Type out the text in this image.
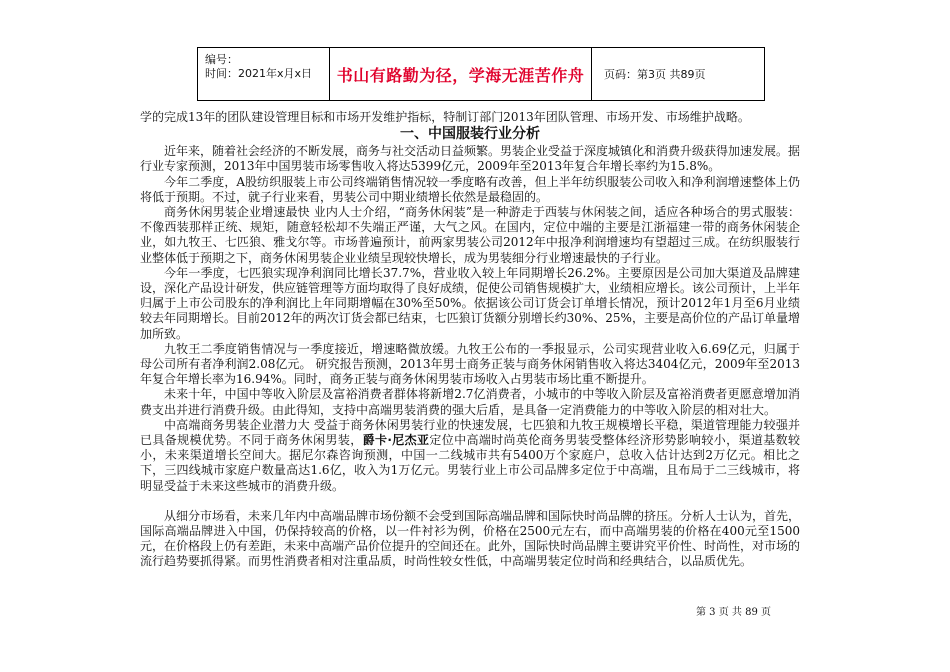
编号：
时间：2021年x月x日	书山有路勤为径，学海无涯苦作舟	页码：第3页 共89页

学的完成13年的团队建设管理目标和市场开发维护指标，特制订部门2013年团队管理、市场开发、市场维护战略。

一、中国服装行业分析

近年来，随着社会经济的不断发展，商务与社交活动日益频繁。男装企业受益于深度城镇化和消费升级获得加速发展。据行业专家预测，2013年中国男装市场零售收入将达5399亿元，2009年至2013年复合年增长率约为15.8%。

今年二季度，A股纺织服装上市公司终端销售情况较一季度略有改善，但上半年纺织服装公司收入和净利润增速整体上仍将低于预期。不过，就子行业来看，男装公司中期业绩增长依然是最稳固的。

商务休闲男装企业增速最快 业内人士介绍，“商务休闲装”是一种游走于西装与休闲装之间，适应各种场合的男式服装：不像西装那样正统、规矩，随意轻松却不失端正严谨，大气之风。在国内，定位中端的主要是江浙福建一带的商务休闲装企业，如九牧王、七匹狼、雅戈尔等。市场普遍预计，前两家男装公司2012年中报净利润增速均有望超过三成。在纺织服装行业整体低于预期之下，商务休闲男装企业业绩呈现较快增长，成为男装细分行业增速最快的子行业。

今年一季度，七匹狼实现净利润同比增长37.7%，营业收入较上年同期增长26.2%。主要原因是公司加大渠道及品牌建设，深化产品设计研发，供应链管理等方面均取得了良好成绩，促使公司销售规模扩大，业绩相应增长。该公司预计，上半年归属于上市公司股东的净利润比上年同期增幅在30%至50%。依据该公司订货会订单增长情况，预计2012年1月至6月业绩较去年同期增长。目前2012年的两次订货会都已结束，七匹狼订货额分别增长约30%、25%，主要是高价位的产品订单量增加所致。

九牧王二季度销售情况与一季度接近，增速略微放缓。九牧王公布的一季报显示，公司实现营业收入6.69亿元，归属于母公司所有者净利润2.08亿元。 研究报告预测，2013年男士商务正装与商务休闲销售收入将达3404亿元，2009年至2013年复合年增长率为16.94%。同时，商务正装与商务休闲男装市场收入占男装市场比重不断提升。

未来十年，中国中等收入阶层及富裕消费者群体将新增2.7亿消费者，小城市的中等收入阶层及富裕消费者更愿意增加消费支出并进行消费升级。由此得知，支持中高端男装消费的强大后盾，是具备一定消费能力的中等收入阶层的相对壮大。

中高端商务男装企业潜力大 受益于商务休闲男装行业的快速发展，七匹狼和九牧王规模增长平稳，渠道管理能力较强并已具备规模优势。不同于商务休闲男装，爵卡·尼杰亚定位中高端时尚英伦商务男装受整体经济形势影响较小，渠道基数较小，未来渠道增长空间大。据尼尔森咨询预测，中国一二线城市共有5400万个家庭户，总收入估计达到2万亿元。相比之下，三四线城市家庭户数量高达1.6亿，收入为1万亿元。男装行业上市公司品牌多定位于中高端，且布局于二三线城市，将明显受益于未来这些城市的消费升级。

从细分市场看，未来几年内中高端品牌市场份额不会受到国际高端品牌和国际快时尚品牌的挤压。分析人士认为，首先，国际高端品牌进入中国，仍保持较高的价格，以一件衬衫为例，价格在2500元左右，而中高端男装的价格在400元至1500元，在价格段上仍有差距，未来中高端产品价位提升的空间还在。此外，国际快时尚品牌主要讲究平价性、时尚性，对市场的流行趋势要抓得紧。而男性消费者相对注重品质，时尚性较女性低，中高端男装定位时尚和经典结合，以品质优先。

第 3 页 共 89 页
